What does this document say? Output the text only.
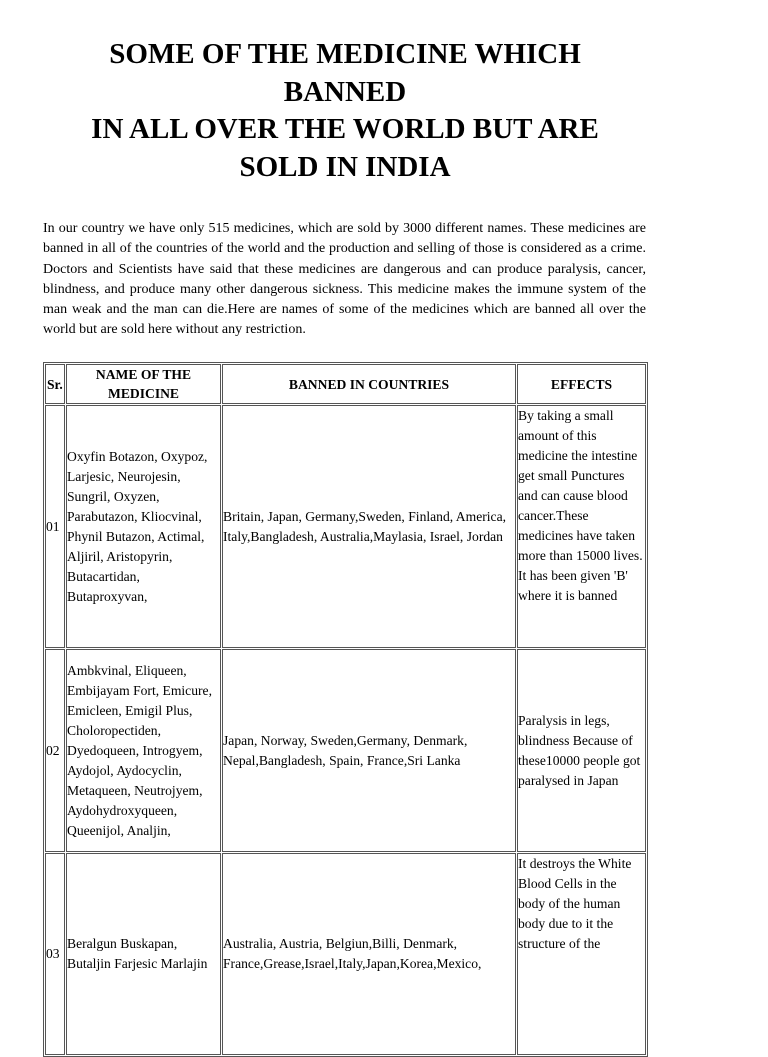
SOME OF THE MEDICINE WHICH
BANNED
IN ALL OVER THE WORLD BUT ARE
SOLD IN INDIA

In our country we have only 515 medicines, which are sold by 3000 different names. These medicines are banned in all of the countries of the world and the production and selling of those is considered as a crime. Doctors and Scientists have said that these medicines are dangerous and can produce paralysis, cancer, blindness, and produce many other dangerous sickness. This medicine makes the immune system of the man weak and the man can die.Here are names of some of the medicines which are banned all over the world but are sold here without any restriction.

Sr.	NAME OF THE MEDICINE	BANNED IN COUNTRIES	EFFECTS
01	Oxyfin Botazon, Oxypoz, Larjesic, Neurojesin, Sungril, Oxyzen, Parabutazon, Kliocvinal, Phynil Butazon, Actimal, Aljiril, Aristopyrin, Butacartidan, Butaproxyvan,	Britain, Japan, Germany,Sweden, Finland, America, Italy,Bangladesh, Australia,Maylasia, Israel, Jordan	By taking a small amount of this medicine the intestine get small Punctures and can cause blood cancer.These medicines have taken more than 15000 lives. It has been given 'B' where it is banned
02	Ambkvinal, Eliqueen, Embijayam Fort, Emicure, Emicleen, Emigil Plus, Choloropectiden, Dyedoqueen, Introgyem, Aydojol, Aydocyclin, Metaqueen, Neutrojyem, Aydohydroxyqueen, Queenijol, Analjin,	Japan, Norway, Sweden,Germany, Denmark, Nepal,Bangladesh, Spain, France,Sri Lanka	Paralysis in legs, blindness Because of these10000 people got paralysed in Japan
03	Beralgun Buskapan, Butaljin Farjesic Marlajin	Australia, Austria, Belgiun,Billi, Denmark, France,Grease,Israel,Italy,Japan,Korea,Mexico,	It destroys the White Blood Cells in the body of the human body due to it the structure of the
